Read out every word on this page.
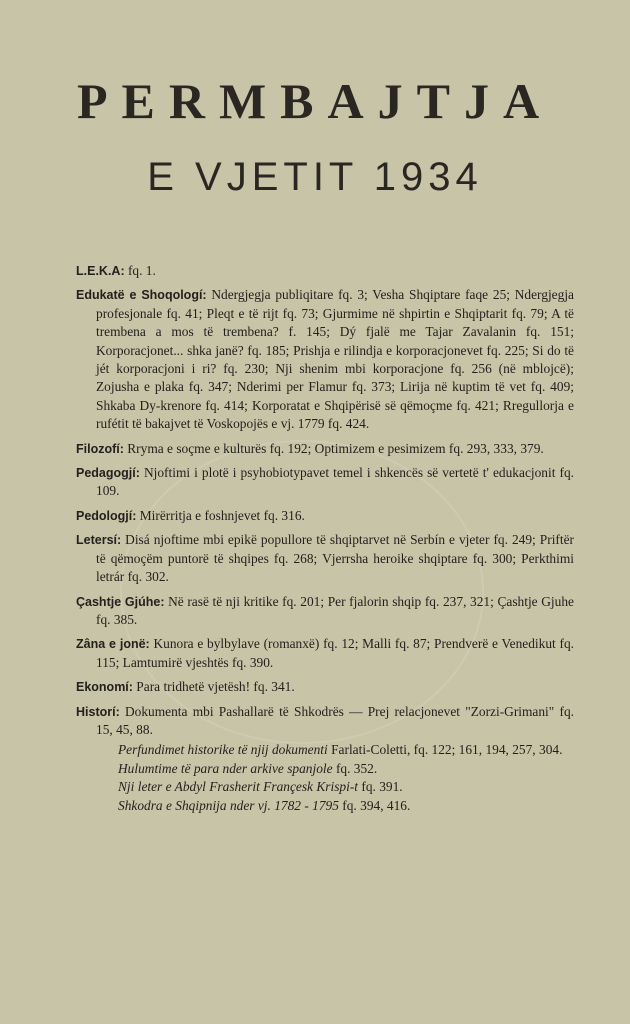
PERMBAJTJA
E VJETIT 1934
L.E.K.A: fq. 1.
Edukatë e Shoqologí: Ndergjegja publiqitare fq. 3; Vesha Shqiptare faqe 25; Ndergjegja profesjonale fq. 41; Pleqt e të rijt fq. 73; Gjurmime në shpirtin e Shqiptarit fq. 79; A të trembena a mos të trembena? f. 145; Dý fjalë me Tajar Zavalanin fq. 151; Korporacjonet... shka janë? fq. 185; Prishja e rilindja e korporacjonevet fq. 225; Si do të jét korporacjoni i ri? fq. 230; Nji shenim mbi korporacjone fq. 256 (në mblojcë); Zojusha e plaka fq. 347; Nderimi per Flamur fq. 373; Lirija në kuptim të vet fq. 409; Shkaba Dy-krenore fq. 414; Korporatat e Shqipërisë së qëmoçme fq. 421; Rregullorja e rufétit të bakajvet të Voskopojës e vj. 1779 fq. 424.
Filozofí: Rryma e soçme e kulturës fq. 192; Optimizem e pesimizem fq. 293, 333, 379.
Pedagogjí: Njoftimi i plotë i psyhobiotypavet temel i shkencës së vertetë t' edukacjonit fq. 109.
Pedologjí: Mirërritja e foshnjevet fq. 316.
Letersí: Disá njoftime mbi epikë popullore të shqiptarvet në Serbín e vjeter fq. 249; Priftër të qëmoçëm puntorë të shqipes fq. 268; Vjerrsha heroike shqiptare fq. 300; Perkthimi letrár fq. 302.
Çashtje Gjúhe: Në rasë të nji kritike fq. 201; Per fjalorin shqip fq. 237, 321; Çashtje Gjuhe fq. 385.
Zâna e jonë: Kunora e bylbylave (romanxë) fq. 12; Malli fq. 87; Prendverë e Venedikut fq. 115; Lamtumirë vjeshtës fq. 390.
Ekonomí: Para tridhetë vjetësh! fq. 341.
Historí: Dokumenta mbi Pashallarë të Shkodrës — Prej relacjonevet "Zorzi-Grimani" fq. 15, 45, 88.
Perfundimet historike të njij dokumenti Farlati-Coletti, fq. 122; 161, 194, 257, 304.
Hulumtime të para nder arkive spanjole fq. 352.
Nji leter e Abdyl Frasherit Françesk Krispi-t fq. 391.
Shkodra e Shqipnija nder vj. 1782 - 1795 fq. 394, 416.
